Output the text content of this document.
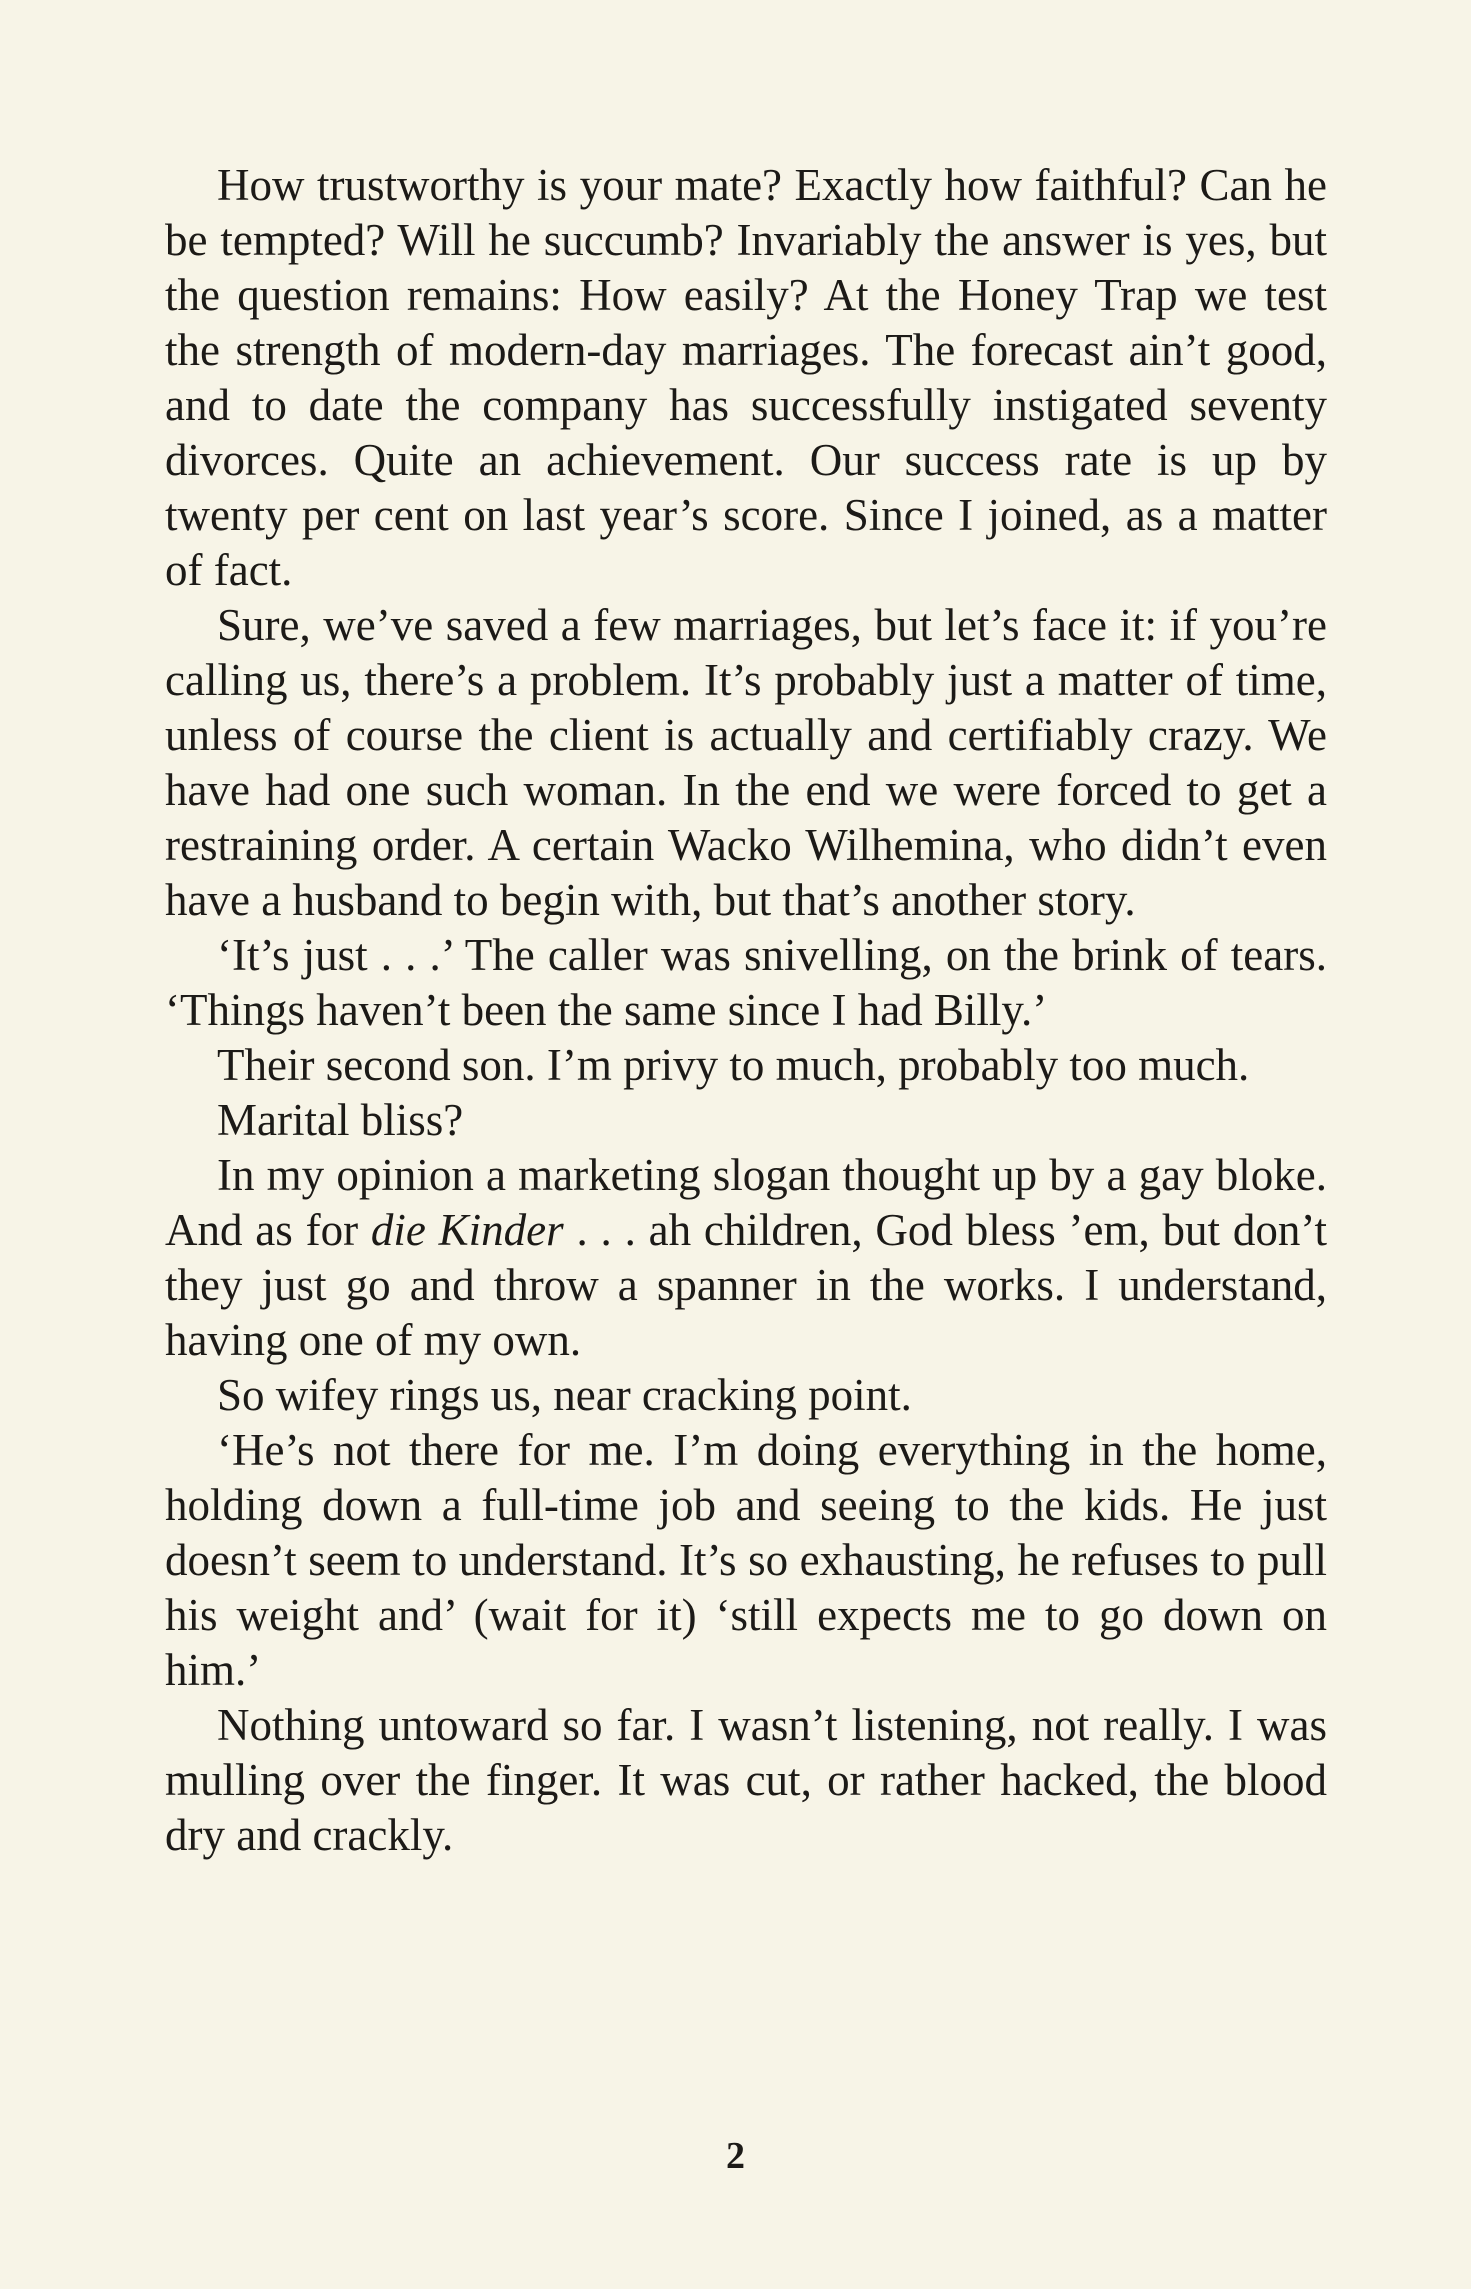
How trustworthy is your mate? Exactly how faithful? Can he be tempted? Will he succumb? Invariably the answer is yes, but the question remains: How easily? At the Honey Trap we test the strength of modern-day marriages. The forecast ain’t good, and to date the company has successfully instigated seventy divorces. Quite an achievement. Our success rate is up by twenty per cent on last year’s score. Since I joined, as a matter of fact.

Sure, we’ve saved a few marriages, but let’s face it: if you’re calling us, there’s a problem. It’s probably just a matter of time, unless of course the client is actually and certifiably crazy. We have had one such woman. In the end we were forced to get a restraining order. A certain Wacko Wilhemina, who didn’t even have a husband to begin with, but that’s another story.

‘It’s just . . .’ The caller was snivelling, on the brink of tears. ‘Things haven’t been the same since I had Billy.’

Their second son. I’m privy to much, probably too much.

Marital bliss?

In my opinion a marketing slogan thought up by a gay bloke. And as for die Kinder . . . ah children, God bless ’em, but don’t they just go and throw a spanner in the works. I understand, having one of my own.

So wifey rings us, near cracking point.

‘He’s not there for me. I’m doing everything in the home, holding down a full-time job and seeing to the kids. He just doesn’t seem to understand. It’s so exhausting, he refuses to pull his weight and’ (wait for it) ‘still expects me to go down on him.’

Nothing untoward so far. I wasn’t listening, not really. I was mulling over the finger. It was cut, or rather hacked, the blood dry and crackly.

2
